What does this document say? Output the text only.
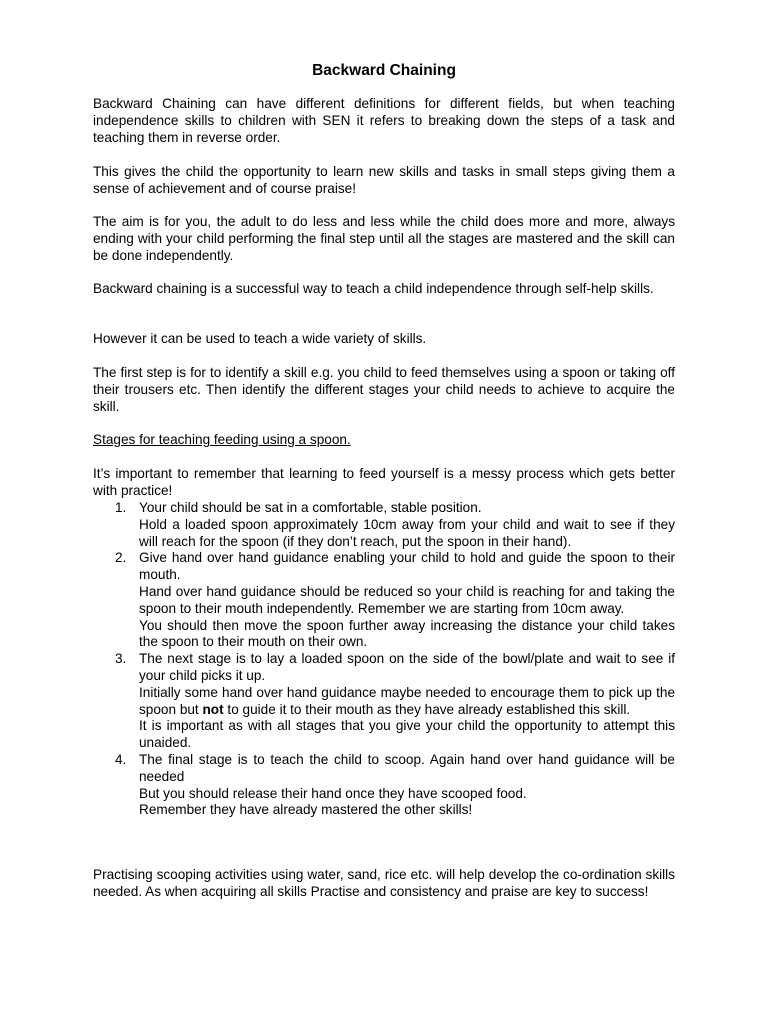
Backward Chaining

Backward Chaining can have different definitions for different fields, but when teaching independence skills to children with SEN it refers to breaking down the steps of a task and teaching them in reverse order.

This gives the child the opportunity to learn new skills and tasks in small steps giving them a sense of achievement and of course praise!

The aim is for you, the adult to do less and less while the child does more and more, always ending with your child performing the final step until all the stages are mastered and the skill can be done independently.

Backward chaining is a successful way to teach a child independence through self-help skills.

However it can be used to teach a wide variety of skills.

The first step is for to identify a skill e.g. you child to feed themselves using a spoon or taking off their trousers etc. Then identify the different stages your child needs to achieve to acquire the skill.

Stages for teaching feeding using a spoon.

It’s important to remember that learning to feed yourself is a messy process which gets better with practice!

1. Your child should be sat in a comfortable, stable position.
Hold a loaded spoon approximately 10cm away from your child and wait to see if they will reach for the spoon (if they don’t reach, put the spoon in their hand).
2. Give hand over hand guidance enabling your child to hold and guide the spoon to their mouth.
Hand over hand guidance should be reduced so your child is reaching for and taking the spoon to their mouth independently. Remember we are starting from 10cm away.
You should then move the spoon further away increasing the distance your child takes the spoon to their mouth on their own.
3. The next stage is to lay a loaded spoon on the side of the bowl/plate and wait to see if your child picks it up.
Initially some hand over hand guidance maybe needed to encourage them to pick up the spoon but not to guide it to their mouth as they have already established this skill.
It is important as with all stages that you give your child the opportunity to attempt this unaided.
4. The final stage is to teach the child to scoop. Again hand over hand guidance will be needed
But you should release their hand once they have scooped food.
Remember they have already mastered the other skills!

Practising scooping activities using water, sand, rice etc. will help develop the co-ordination skills needed. As when acquiring all skills Practise and consistency and praise are key to success!
